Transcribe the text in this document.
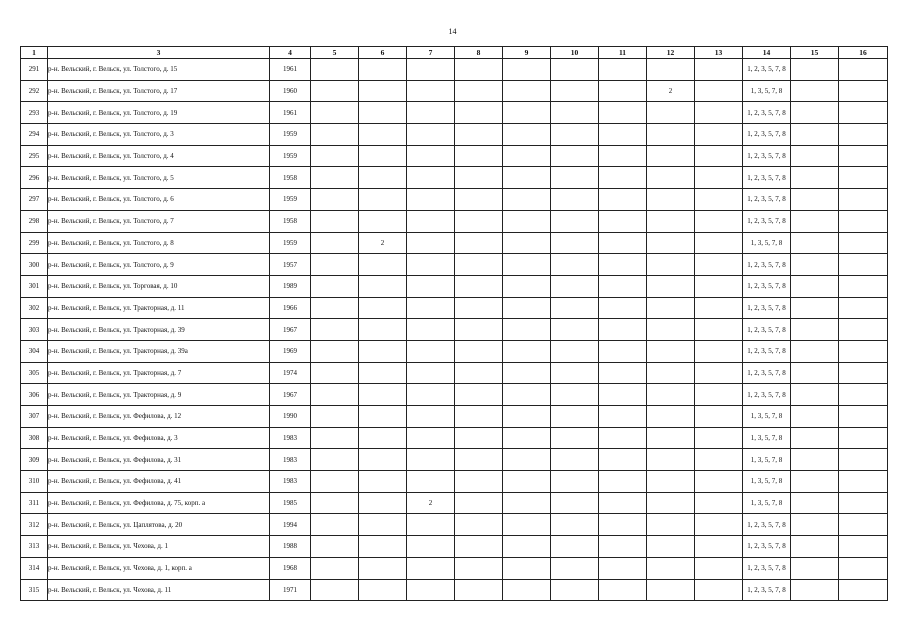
14
1	3	4	5	6	7	8	9	10	11	12	13	14	15	16
291	р-н. Вельский, г. Вельск, ул. Толстого, д. 15	1961										1, 2, 3, 5, 7, 8		
292	р-н. Вельский, г. Вельск, ул. Толстого, д. 17	1960								2		1, 3, 5, 7, 8		
293	р-н. Вельский, г. Вельск, ул. Толстого, д. 19	1961										1, 2, 3, 5, 7, 8		
294	р-н. Вельский, г. Вельск, ул. Толстого, д. 3	1959										1, 2, 3, 5, 7, 8		
295	р-н. Вельский, г. Вельск, ул. Толстого, д. 4	1959										1, 2, 3, 5, 7, 8		
296	р-н. Вельский, г. Вельск, ул. Толстого, д. 5	1958										1, 2, 3, 5, 7, 8		
297	р-н. Вельский, г. Вельск, ул. Толстого, д. 6	1959										1, 2, 3, 5, 7, 8		
298	р-н. Вельский, г. Вельск, ул. Толстого, д. 7	1958										1, 2, 3, 5, 7, 8		
299	р-н. Вельский, г. Вельск, ул. Толстого, д. 8	1959		2								1, 3, 5, 7, 8		
300	р-н. Вельский, г. Вельск, ул. Толстого, д. 9	1957										1, 2, 3, 5, 7, 8		
301	р-н. Вельский, г. Вельск, ул. Торговая, д. 10	1989										1, 2, 3, 5, 7, 8		
302	р-н. Вельский, г. Вельск, ул. Тракторная, д. 11	1966										1, 2, 3, 5, 7, 8		
303	р-н. Вельский, г. Вельск, ул. Тракторная, д. 39	1967										1, 2, 3, 5, 7, 8		
304	р-н. Вельский, г. Вельск, ул. Тракторная, д. 39а	1969										1, 2, 3, 5, 7, 8		
305	р-н. Вельский, г. Вельск, ул. Тракторная, д. 7	1974										1, 2, 3, 5, 7, 8		
306	р-н. Вельский, г. Вельск, ул. Тракторная, д. 9	1967										1, 2, 3, 5, 7, 8		
307	р-н. Вельский, г. Вельск, ул. Фефилова, д. 12	1990										1, 3, 5, 7, 8		
308	р-н. Вельский, г. Вельск, ул. Фефилова, д. 3	1983										1, 3, 5, 7, 8		
309	р-н. Вельский, г. Вельск, ул. Фефилова, д. 31	1983										1, 3, 5, 7, 8		
310	р-н. Вельский, г. Вельск, ул. Фефилова, д. 41	1983										1, 3, 5, 7, 8		
311	р-н. Вельский, г. Вельск, ул. Фефилова, д. 75, корп. а	1985			2							1, 3, 5, 7, 8		
312	р-н. Вельский, г. Вельск, ул. Цаплятова, д. 20	1994										1, 2, 3, 5, 7, 8		
313	р-н. Вельский, г. Вельск, ул. Чехова, д. 1	1988										1, 2, 3, 5, 7, 8		
314	р-н. Вельский, г. Вельск, ул. Чехова, д. 1, корп. а	1968										1, 2, 3, 5, 7, 8		
315	р-н. Вельский, г. Вельск, ул. Чехова, д. 11	1971										1, 2, 3, 5, 7, 8		
